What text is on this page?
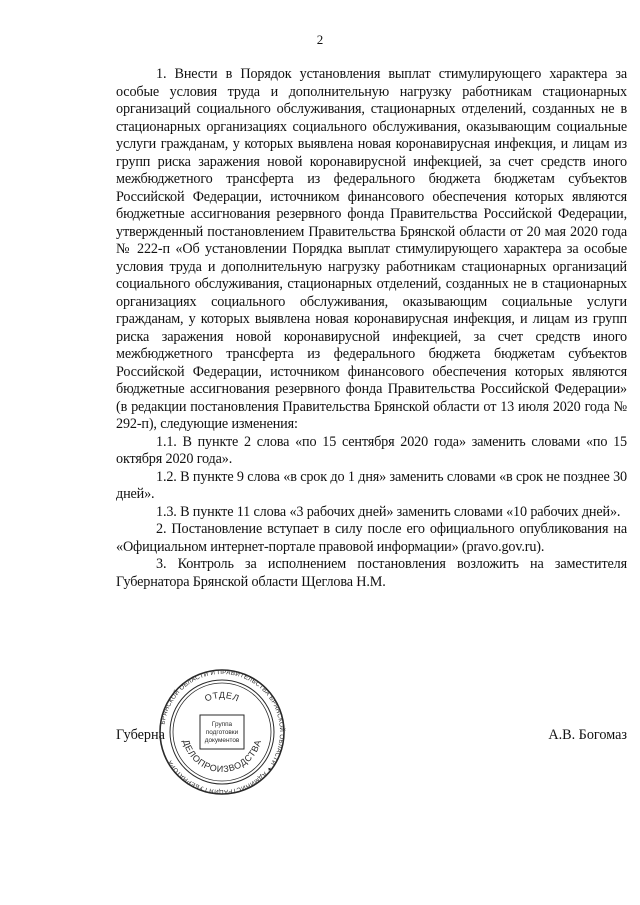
2

1. Внести в Порядок установления выплат стимулирующего характера за особые условия труда и дополнительную нагрузку работникам стационарных организаций социального обслуживания, стационарных отделений, созданных не в стационарных организациях социального обслуживания, оказывающим социальные услуги гражданам, у которых выявлена новая коронавирусная инфекция, и лицам из групп риска заражения новой коронавирусной инфекцией, за счет средств иного межбюджетного трансферта из федерального бюджета бюджетам субъектов Российской Федерации, источником финансового обеспечения которых являются бюджетные ассигнования резервного фонда Правительства Российской Федерации, утвержденный постановлением Правительства Брянской области от 20 мая 2020 года № 222-п «Об установлении Порядка выплат стимулирующего характера за особые условия труда и дополнительную нагрузку работникам стационарных организаций социального обслуживания, стационарных отделений, созданных не в стационарных организациях социального обслуживания, оказывающим социальные услуги гражданам, у которых выявлена новая коронавирусная инфекция, и лицам из групп риска заражения новой коронавирусной инфекцией, за счет средств иного межбюджетного трансферта из федерального бюджета бюджетам субъектов Российской Федерации, источником финансового обеспечения которых являются бюджетные ассигнования резервного фонда Правительства Российской Федерации» (в редакции постановления Правительства Брянской области от 13 июля 2020 года № 292-п), следующие изменения:

1.1. В пункте 2 слова «по 15 сентября 2020 года» заменить словами «по 15 октября 2020 года».

1.2. В пункте 9 слова «в срок до 1 дня» заменить словами «в срок не позднее 30 дней».

1.3. В пункте 11 слова «3 рабочих дней» заменить словами «10 рабочих дней».

2. Постановление вступает в силу после его официального опубликования на «Официальном интернет-портале правовой информации» (pravo.gov.ru).

3. Контроль за исполнением постановления возложить на заместителя Губернатора Брянской области Щеглова Н.М.

Губерна	А.В. Богомаз
БРЯНСКОЙ ОБЛАСТИ И ПРАВИТЕЛЬСТВА БРЯНСКОЙ ОБЛАСТИ ✦ АДМИНИСТРАЦИЯ ГУБЕРНАТОРА
ОТДЕЛ
ДЕЛОПРОИЗВОДСТВА
Группа
подготовки
документов
